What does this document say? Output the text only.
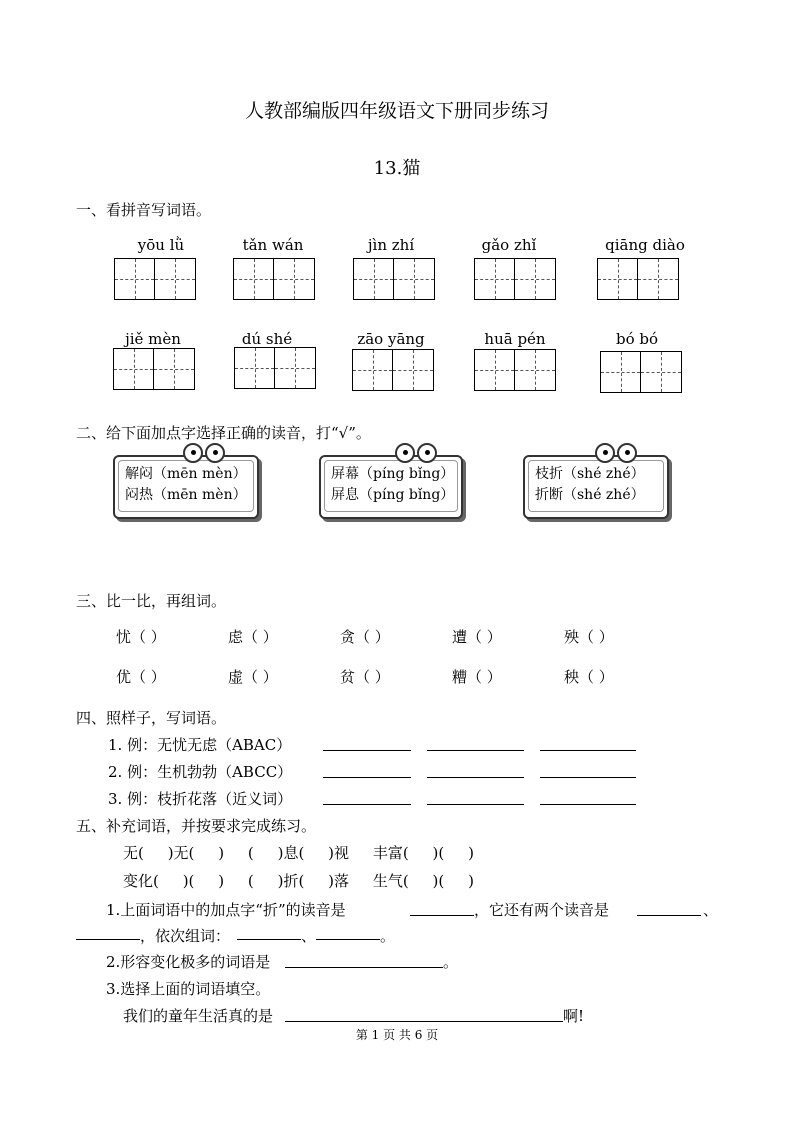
人教部编版四年级语文下册同步练习
13.猫
一、看拼音写词语。
yōu lǜ	tǎn wán	jìn zhí	gǎo zhǐ	qiāng diào
jiě mèn	dú shé	zāo yāng	huā pén	bó bó
二、给下面加点字选择正确的读音，打“√”。
解闷（mēn mèn）
闷热（mēn mèn）
屏幕（píng bǐng）
屏息（píng bǐng）
枝折（shé zhé）
折断（shé zhé）
三、比一比，再组词。
忧（ ）	虑（ ）	贪（ ）	遭（ ）	殃（ ）
优（ ）	虚（ ）	贫（ ）	糟（ ）	秧（ ）
四、照样子，写词语。
1. 例：无忧无虑（ABAC）
2. 例：生机勃勃（ABCC）
3. 例：枝折花落（近义词）
五、补充词语，并按要求完成练习。
无(     )无(     )     (     )息(     )视     丰富(     )(     )
变化(     )(     )     (     )折(     )落     生气(     )(     )
1.上面词语中的加点字“折”的读音是	，它还有两个读音是	、
，依次组词：	、	。
2.形容变化极多的词语是	。
3.选择上面的词语填空。
我们的童年生活真的是	啊!
第 1 页 共 6 页
